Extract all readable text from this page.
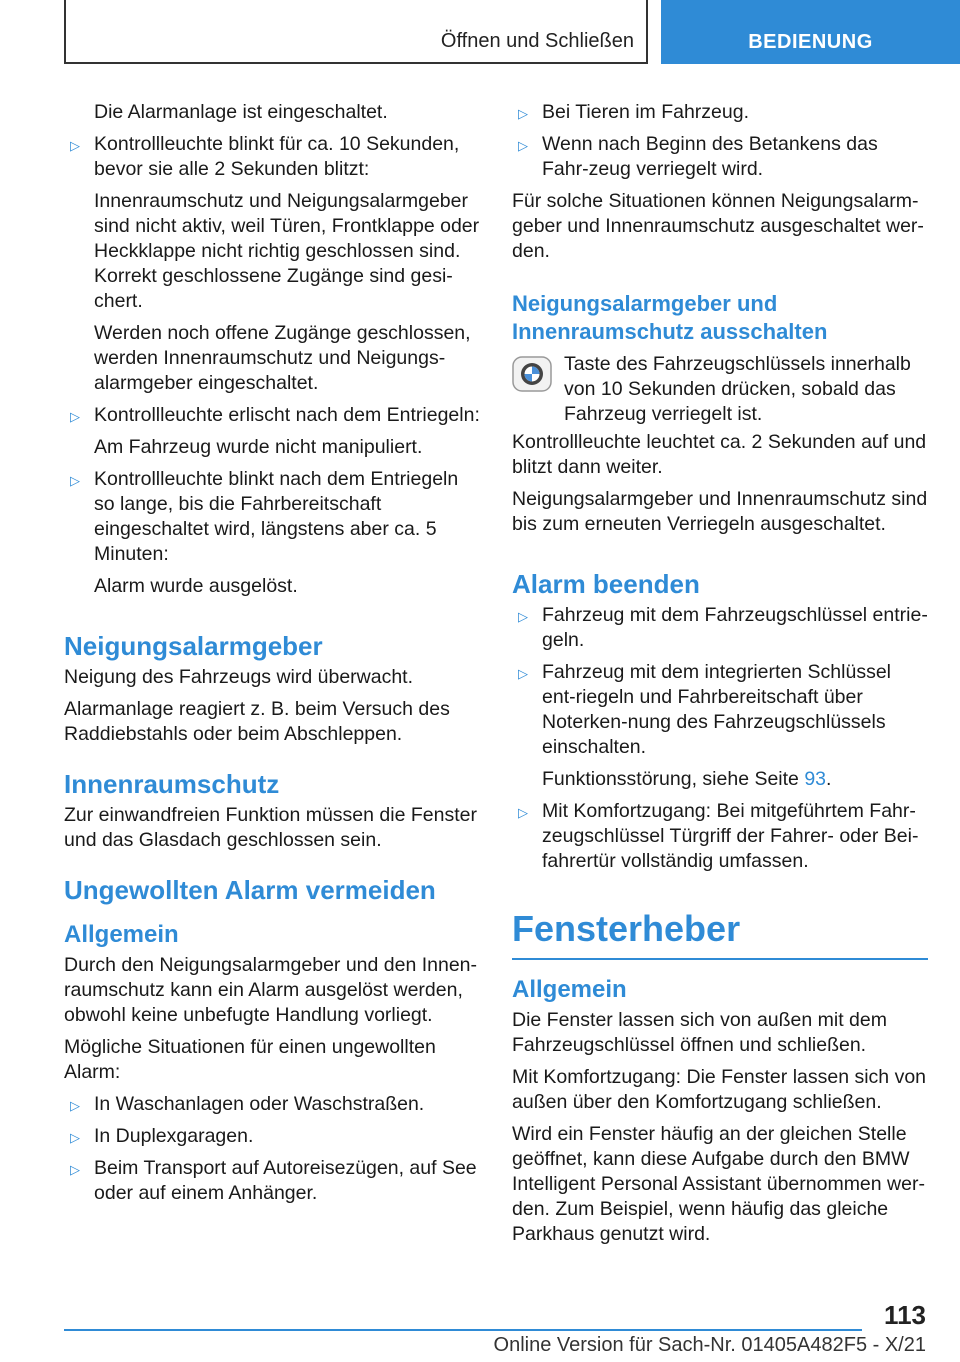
Öffnen und Schließen	BEDIENUNG

Die Alarmanlage ist eingeschaltet.

▷ Kontrollleuchte blinkt für ca. 10 Sekunden, bevor sie alle 2 Sekunden blitzt:

Innenraumschutz und Neigungsalarmgeber sind nicht aktiv, weil Türen, Frontklappe oder Heckklappe nicht richtig geschlossen sind. Korrekt geschlossene Zugänge sind gesi‐chert.

Werden noch offene Zugänge geschlossen, werden Innenraumschutz und Neigungs‐alarmgeber eingeschaltet.

▷ Kontrollleuchte erlischt nach dem Entriegeln:

Am Fahrzeug wurde nicht manipuliert.

▷ Kontrollleuchte blinkt nach dem Entriegeln so lange, bis die Fahrbereitschaft eingeschaltet wird, längstens aber ca. 5 Minuten:

Alarm wurde ausgelöst.

Neigungsalarmgeber

Neigung des Fahrzeugs wird überwacht.

Alarmanlage reagiert z. B. beim Versuch des Raddiebstahls oder beim Abschleppen.

Innenraumschutz

Zur einwandfreien Funktion müssen die Fenster und das Glasdach geschlossen sein.

Ungewollten Alarm vermeiden
Allgemein

Durch den Neigungsalarmgeber und den Innen‐raumschutz kann ein Alarm ausgelöst werden, obwohl keine unbefugte Handlung vorliegt.

Mögliche Situationen für einen ungewollten Alarm:

▷ In Waschanlagen oder Waschstraßen.
▷ In Duplexgaragen.
▷ Beim Transport auf Autoreisezügen, auf See oder auf einem Anhänger.
▷ Bei Tieren im Fahrzeug.
▷ Wenn nach Beginn des Betankens das Fahr‐zeug verriegelt wird.

Für solche Situationen können Neigungsalarm‐geber und Innenraumschutz ausgeschaltet wer‐den.

Neigungsalarmgeber und Innenraumschutz ausschalten
Taste des Fahrzeugschlüssels innerhalb von 10 Sekunden drücken, sobald das Fahrzeug verriegelt ist.

Kontrollleuchte leuchtet ca. 2 Sekunden auf und blitzt dann weiter.

Neigungsalarmgeber und Innenraumschutz sind bis zum erneuten Verriegeln ausgeschaltet.

Alarm beenden
▷ Fahrzeug mit dem Fahrzeugschlüssel entrie‐geln.
▷ Fahrzeug mit dem integrierten Schlüssel ent‐riegeln und Fahrbereitschaft über Noterken‐nung des Fahrzeugschlüssels einschalten.

Funktionsstörung, siehe Seite 93.

▷ Mit Komfortzugang: Bei mitgeführtem Fahr‐zeugschlüssel Türgriff der Fahrer- oder Bei‐fahrertür vollständig umfassen.
Fensterheber
Allgemein

Die Fenster lassen sich von außen mit dem Fahrzeugschlüssel öffnen und schließen.

Mit Komfortzugang: Die Fenster lassen sich von außen über den Komfortzugang schließen.

Wird ein Fenster häufig an der gleichen Stelle geöffnet, kann diese Aufgabe durch den BMW Intelligent Personal Assistant übernommen wer‐den. Zum Beispiel, wenn häufig das gleiche Parkhaus genutzt wird.

113
Online Version für Sach-Nr. 01405A482F5 - X/21
